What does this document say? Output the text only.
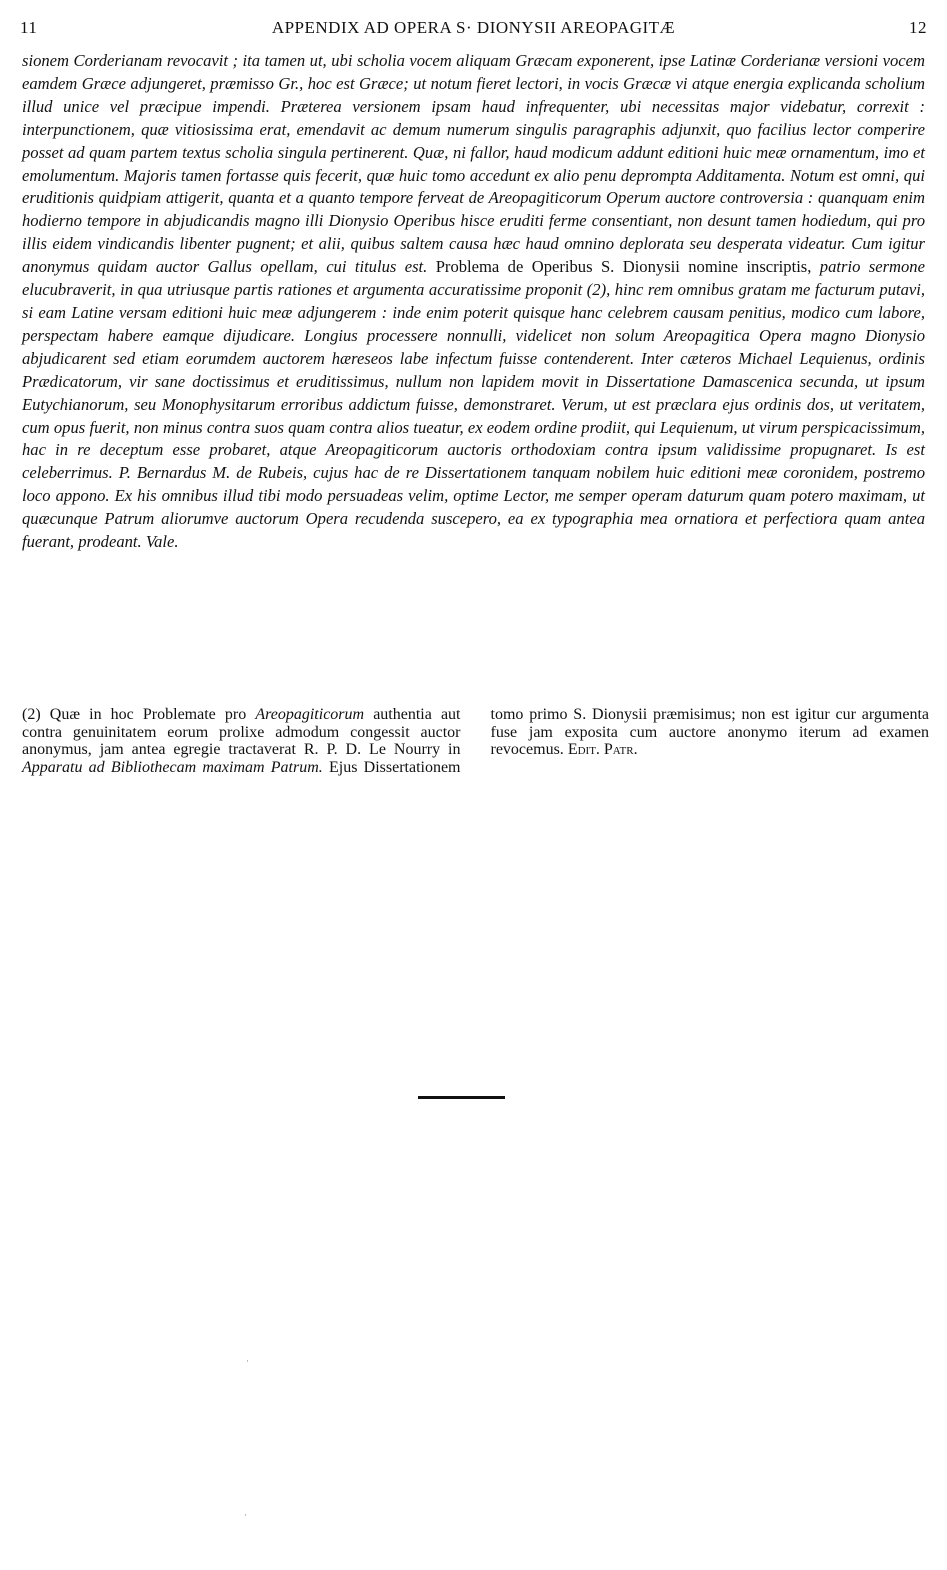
11	APPENDIX AD OPERA S· DIONYSII AREOPAGITÆ	12
sionem Corderianam revocavit ; ita tamen ut, ubi scholia vocem aliquam Græcam exponerent, ipse Latinæ Corderianæ versioni vocem eamdem Græce adjungeret, præmisso Gr., hoc est Græce; ut notum fieret lectori, in vocis Græcæ vi atque energia explicanda scholium illud unice vel præcipue impendi. Præterea versionem ipsam haud infrequenter, ubi necessitas major videbatur, correxit : interpunctionem, quæ vitiosissima erat, emendavit ac demum numerum singulis paragraphis adjunxit, quo facilius lector comperire posset ad quam partem textus scholia singula pertinerent. Quæ, ni fallor, haud modicum addunt editioni huic meæ ornamentum, imo et emolumentum. Majoris tamen fortasse quis fecerit, quæ huic tomo accedunt ex alio penu deprompta Additamenta. Notum est omni, qui eruditionis quidpiam attigerit, quanta et a quanto tempore ferveat de Areopagiticorum Operum auctore controversia : quanquam enim hodierno tempore in abjudicandis magno illi Dionysio Operibus hisce eruditi ferme consentiant, non desunt tamen hodiedum, qui pro illis eidem vindicandis libenter pugnent; et alii, quibus saltem causa hæc haud omnino deplorata seu desperata videatur. Cum igitur anonymus quidam auctor Gallus opellam, cui titulus est. Problema de Operibus S. Dionysii nomine inscriptis, patrio sermone elucubraverit, in qua utriusque partis rationes et argumenta accuratissime proponit (2), hinc rem omnibus gratam me facturum putavi, si eam Latine versam editioni huic meæ adjungerem : inde enim poterit quisque hanc celebrem causam penitius, modico cum labore, perspectam habere eamque dijudicare. Longius processere nonnulli, videlicet non solum Areopagitica Opera magno Dionysio abjudicarent sed etiam eorumdem auctorem hæreseos labe infectum fuisse contenderent. Inter cæteros Michael Lequienus, ordinis Prædicatorum, vir sane doctissimus et eruditissimus, nullum non lapidem movit in Dissertatione Damascenica secunda, ut ipsum Eutychianorum, seu Monophysitarum erroribus addictum fuisse, demonstraret. Verum, ut est præclara ejus ordinis dos, ut veritatem, cum opus fuerit, non minus contra suos quam contra alios tueatur, ex eodem ordine prodiit, qui Lequienum, ut virum perspicacissimum, hac in re deceptum esse probaret, atque Areopagiticorum auctoris orthodoxiam contra ipsum validissime propugnaret. Is est celeberrimus. P. Bernardus M. de Rubeis, cujus hac de re Dissertationem tanquam nobilem huic editioni meæ coronidem, postremo loco appono. Ex his omnibus illud tibi modo persuadeas velim, optime Lector, me semper operam daturum quam potero maximam, ut quæcunque Patrum aliorumve auctorum Opera recudenda suscepero, ea ex typographia mea ornatiora et perfectiora quam antea fuerant, prodeant. Vale.
(2) Quæ in hoc Problemate pro Areopagiticorum authentia aut contra genuinitatem eorum prolixe admodum congessit auctor anonymus, jam antea egregie tractaverat R. P. D. Le Nourry in Apparatu ad Bibliothecam maximam Patrum. Ejus Dissertationem tomo primo S. Dionysii præmisimus; non est igitur cur argumenta fuse jam exposita cum auctore anonymo iterum ad examen revocemus. Edit. Patr.
·
·
